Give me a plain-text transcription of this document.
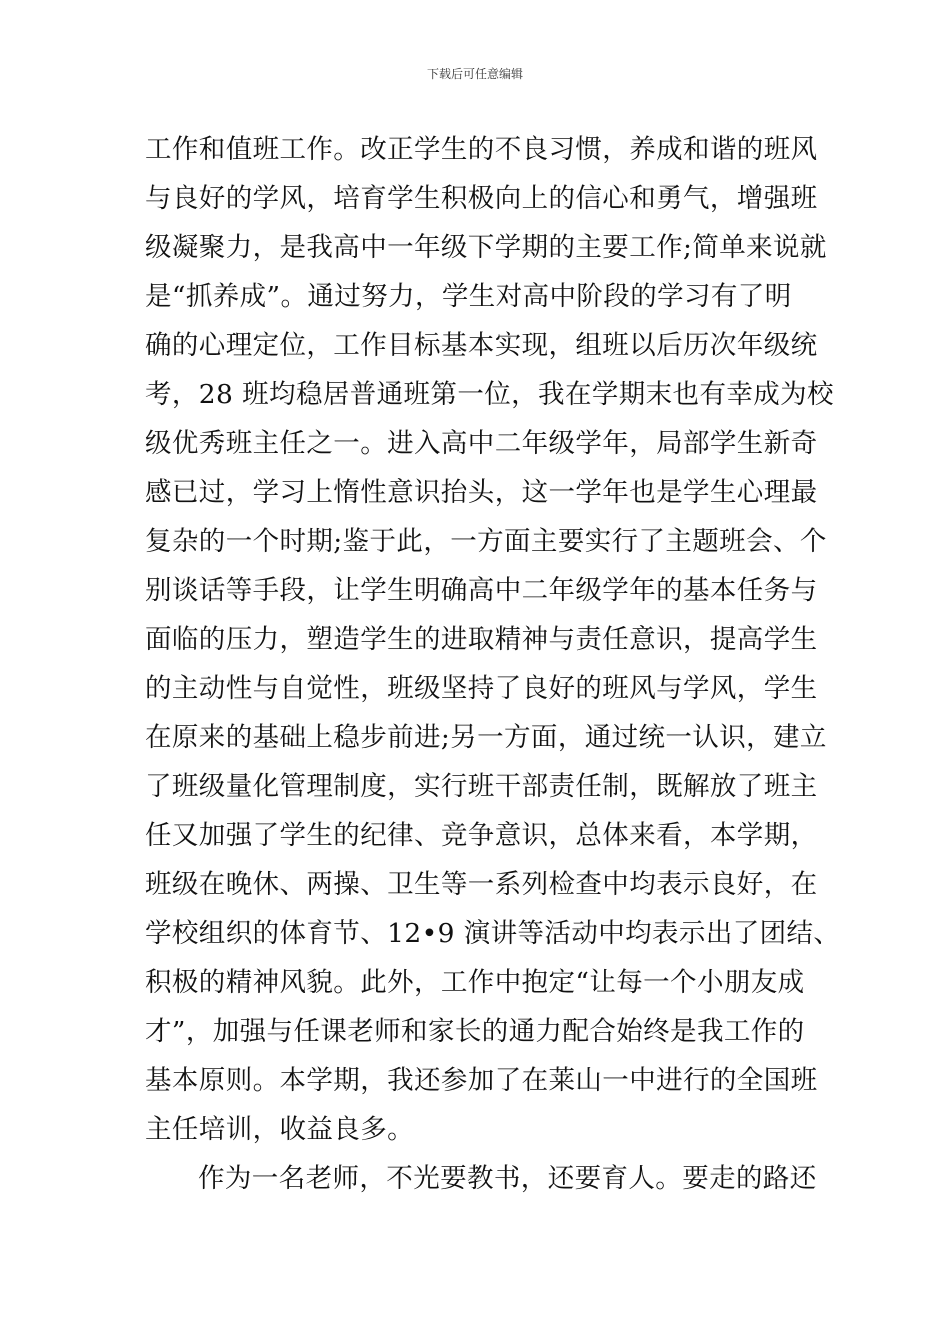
下载后可任意编辑
工作和值班工作。改正学生的不良习惯，养成和谐的班风
与良好的学风，培育学生积极向上的信心和勇气，增强班
级凝聚力，是我高中一年级下学期的主要工作;简单来说就
是“抓养成”。通过努力，学生对高中阶段的学习有了明
确的心理定位，工作目标基本实现，组班以后历次年级统
考，28 班均稳居普通班第一位，我在学期末也有幸成为校
级优秀班主任之一。进入高中二年级学年，局部学生新奇
感已过，学习上惰性意识抬头，这一学年也是学生心理最
复杂的一个时期;鉴于此，一方面主要实行了主题班会、个
别谈话等手段，让学生明确高中二年级学年的基本任务与
面临的压力，塑造学生的进取精神与责任意识，提高学生
的主动性与自觉性，班级坚持了良好的班风与学风，学生
在原来的基础上稳步前进;另一方面，通过统一认识，建立
了班级量化管理制度，实行班干部责任制，既解放了班主
任又加强了学生的纪律、竞争意识，总体来看，本学期，
班级在晚休、两操、卫生等一系列检查中均表示良好，在
学校组织的体育节、12•9 演讲等活动中均表示出了团结、
积极的精神风貌。此外，工作中抱定“让每一个小朋友成
才”，加强与任课老师和家长的通力配合始终是我工作的
基本原则。本学期，我还参加了在莱山一中进行的全国班
主任培训，收益良多。
作为一名老师，不光要教书，还要育人。要走的路还
